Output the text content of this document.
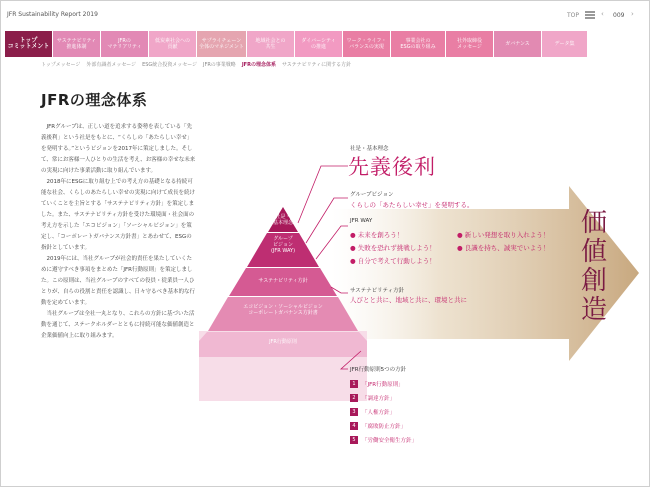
JFR Sustainability Report 2019	TOP	‹ 009 ›
トップ
コミットメント
サステナビリティ
推進体制
JFRの
マテリアリティ
低炭素社会への
貢献
サプライチェーン
全体のマネジメント
地域社会との
共生
ダイバーシティ
の推進
ワーク・ライフ・
バランスの実現
事業会社の
ESGの取り組み
社外取締役
メッセージ	ガバナンス	データ集
トップメッセージ 外部有識者メッセージ ESG統合投資メッセージ JFRの事業戦略 JFRの理念体系 サステナビリティに関する方針
JFRの理念体系

JFRグループは、正しい道を追求する姿勢を表している「先義後利」という社是をもとに、“くらしの「あたらしい幸せ」を発明する。”というビジョンを2017年に策定しました。そして、常にお客様一人ひとりの生活を考え、お客様の幸せな未来の実現に向けた事業活動に取り組んでいます。

2018年にESGに取り組む上での考え方の基礎となる持続可能な社会、くらしのあたらしい幸せの実現に向けて成長を続けていくことを主旨とする「サステナビリティ方針」を策定しました。また、サステナビリティ方針を受けた環境面・社会面の考え方を示した「エコビジョン」「ソーシャルビジョン」を策定し、「コーポレートガバナンス方針書」とあわせて、ESGの指針としています。

2019年には、当社グループが社会的責任を果たしていくために遵守すべき事項をまとめた「JFR行動原則」を策定しました。この原則は、当社グループのすべての役員・従業員一人ひとりが、自らの役割と責任を認識し、日々守るべき基本的な行動を定めています。

当社グループは全社一丸となり、これらの方針に基づいた活動を通じて、ステークホルダーとともに持続可能な価値創造と企業価値向上に取り組みます。

社是・
基本理念
グループ
ビジョン
(JFR WAY)
サステナビリティ方針
エコビジョン・ソーシャルビジョン
コーポレートガバナンス方針書
JFR行動原則
社是・基本理念
先義後利
グループビジョン
くらしの「あたらしい幸せ」を発明する。
JFR WAY
● 未来を創ろう！	● 新しい発想を取り入れよう！
● 失敗を恐れず挑戦しよう！	● 良識を持ち、誠実でいよう！
● 自分で考えて行動しよう！
サステナビリティ方針
人びとと共に、地域と共に、環境と共に
価
値
創
造
JFR行動原則5つの方針
1	「JFR行動原則」
2	「調達方針」
3	「人権方針」
4	「腐敗防止方針」
5	「労働安全衛生方針」
